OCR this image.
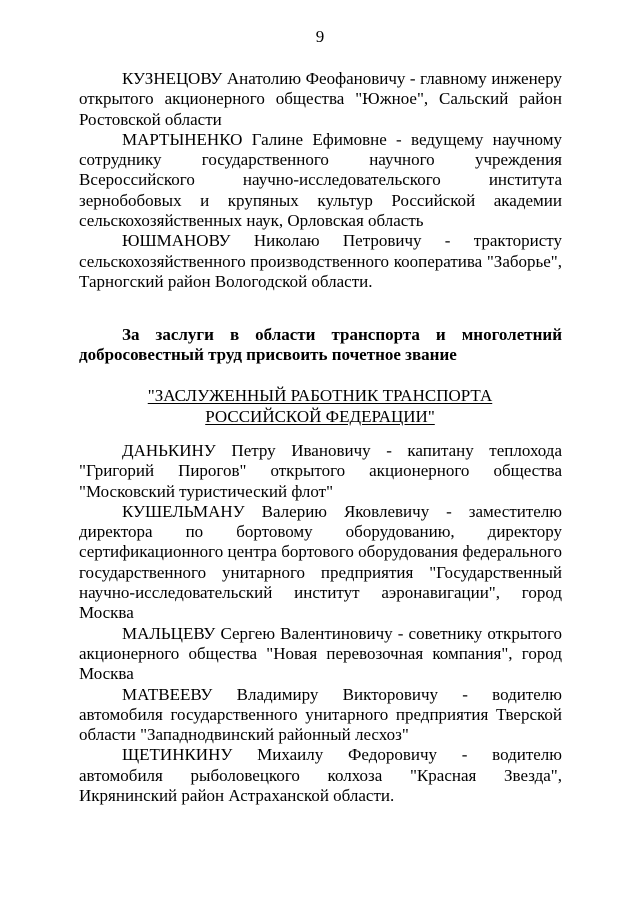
9

КУЗНЕЦОВУ Анатолию Феофановичу - главному инженеру открытого акционерного общества "Южное", Сальский район Ростовской области

МАРТЫНЕНКО Галине Ефимовне - ведущему научному сотруднику государственного научного учреждения Всероссийского научно-исследовательского института зернобобовых и крупяных культур Российской академии сельскохозяйственных наук, Орловская область

ЮШМАНОВУ Николаю Петровичу - трактористу сельскохозяйственного производственного кооператива "Заборье", Тарногский район Вологодской области.

За заслуги в области транспорта и многолетний добросовестный труд присвоить почетное звание

"ЗАСЛУЖЕННЫЙ РАБОТНИК ТРАНСПОРТА
РОССИЙСКОЙ ФЕДЕРАЦИИ"

ДАНЬКИНУ Петру Ивановичу - капитану теплохода "Григорий Пирогов" открытого акционерного общества "Московский туристический флот"

КУШЕЛЬМАНУ Валерию Яковлевичу - заместителю директора по бортовому оборудованию, директору сертификационного центра бортового оборудования федерального государственного унитарного предприятия "Государственный научно-исследовательский институт аэронавигации", город Москва

МАЛЬЦЕВУ Сергею Валентиновичу - советнику открытого акционерного общества "Новая перевозочная компания", город Москва

МАТВЕЕВУ Владимиру Викторовичу - водителю автомобиля государственного унитарного предприятия Тверской области "Западнодвинский районный лесхоз"

ЩЕТИНКИНУ Михаилу Федоровичу - водителю автомобиля рыболовецкого колхоза "Красная Звезда", Икрянинский район Астраханской области.
